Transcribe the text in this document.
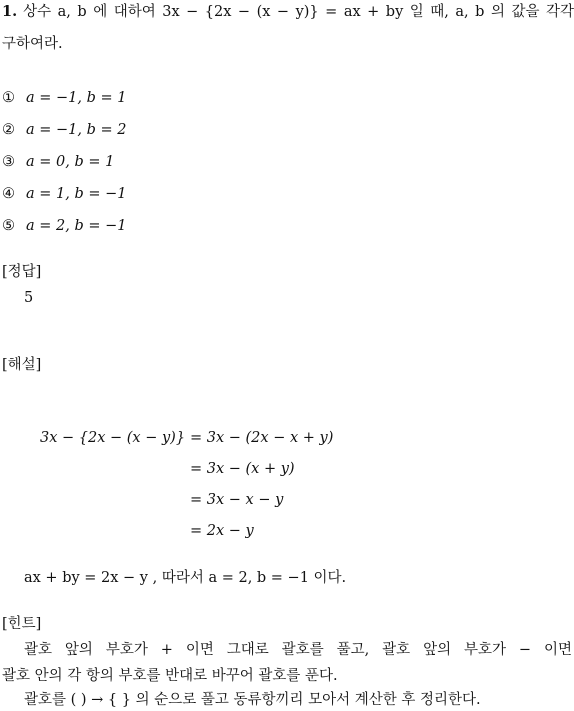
1. 상수 a, b 에 대하여 3x − {2x − (x − y)} = ax + by 일 때, a, b 의 값을 각각
구하여라.
① a = −1, b = 1
② a = −1, b = 2
③ a = 0, b = 1
④ a = 1, b = −1
⑤ a = 2, b = −1
[정답]
5
[해설]
3x − {2x − (x − y)} = 3x − (2x − x + y)
= 3x − (x + y)
= 3x − x − y
= 2x − y
ax + by = 2x − y , 따라서 a = 2, b = −1 이다.
[힌트]
괄호 앞의 부호가 + 이면 그대로 괄호를 풀고, 괄호 앞의 부호가 − 이면
괄호 안의 각 항의 부호를 반대로 바꾸어 괄호를 푼다.
괄호를 ( ) → { } 의 순으로 풀고 동류항끼리 모아서 계산한 후 정리한다.
